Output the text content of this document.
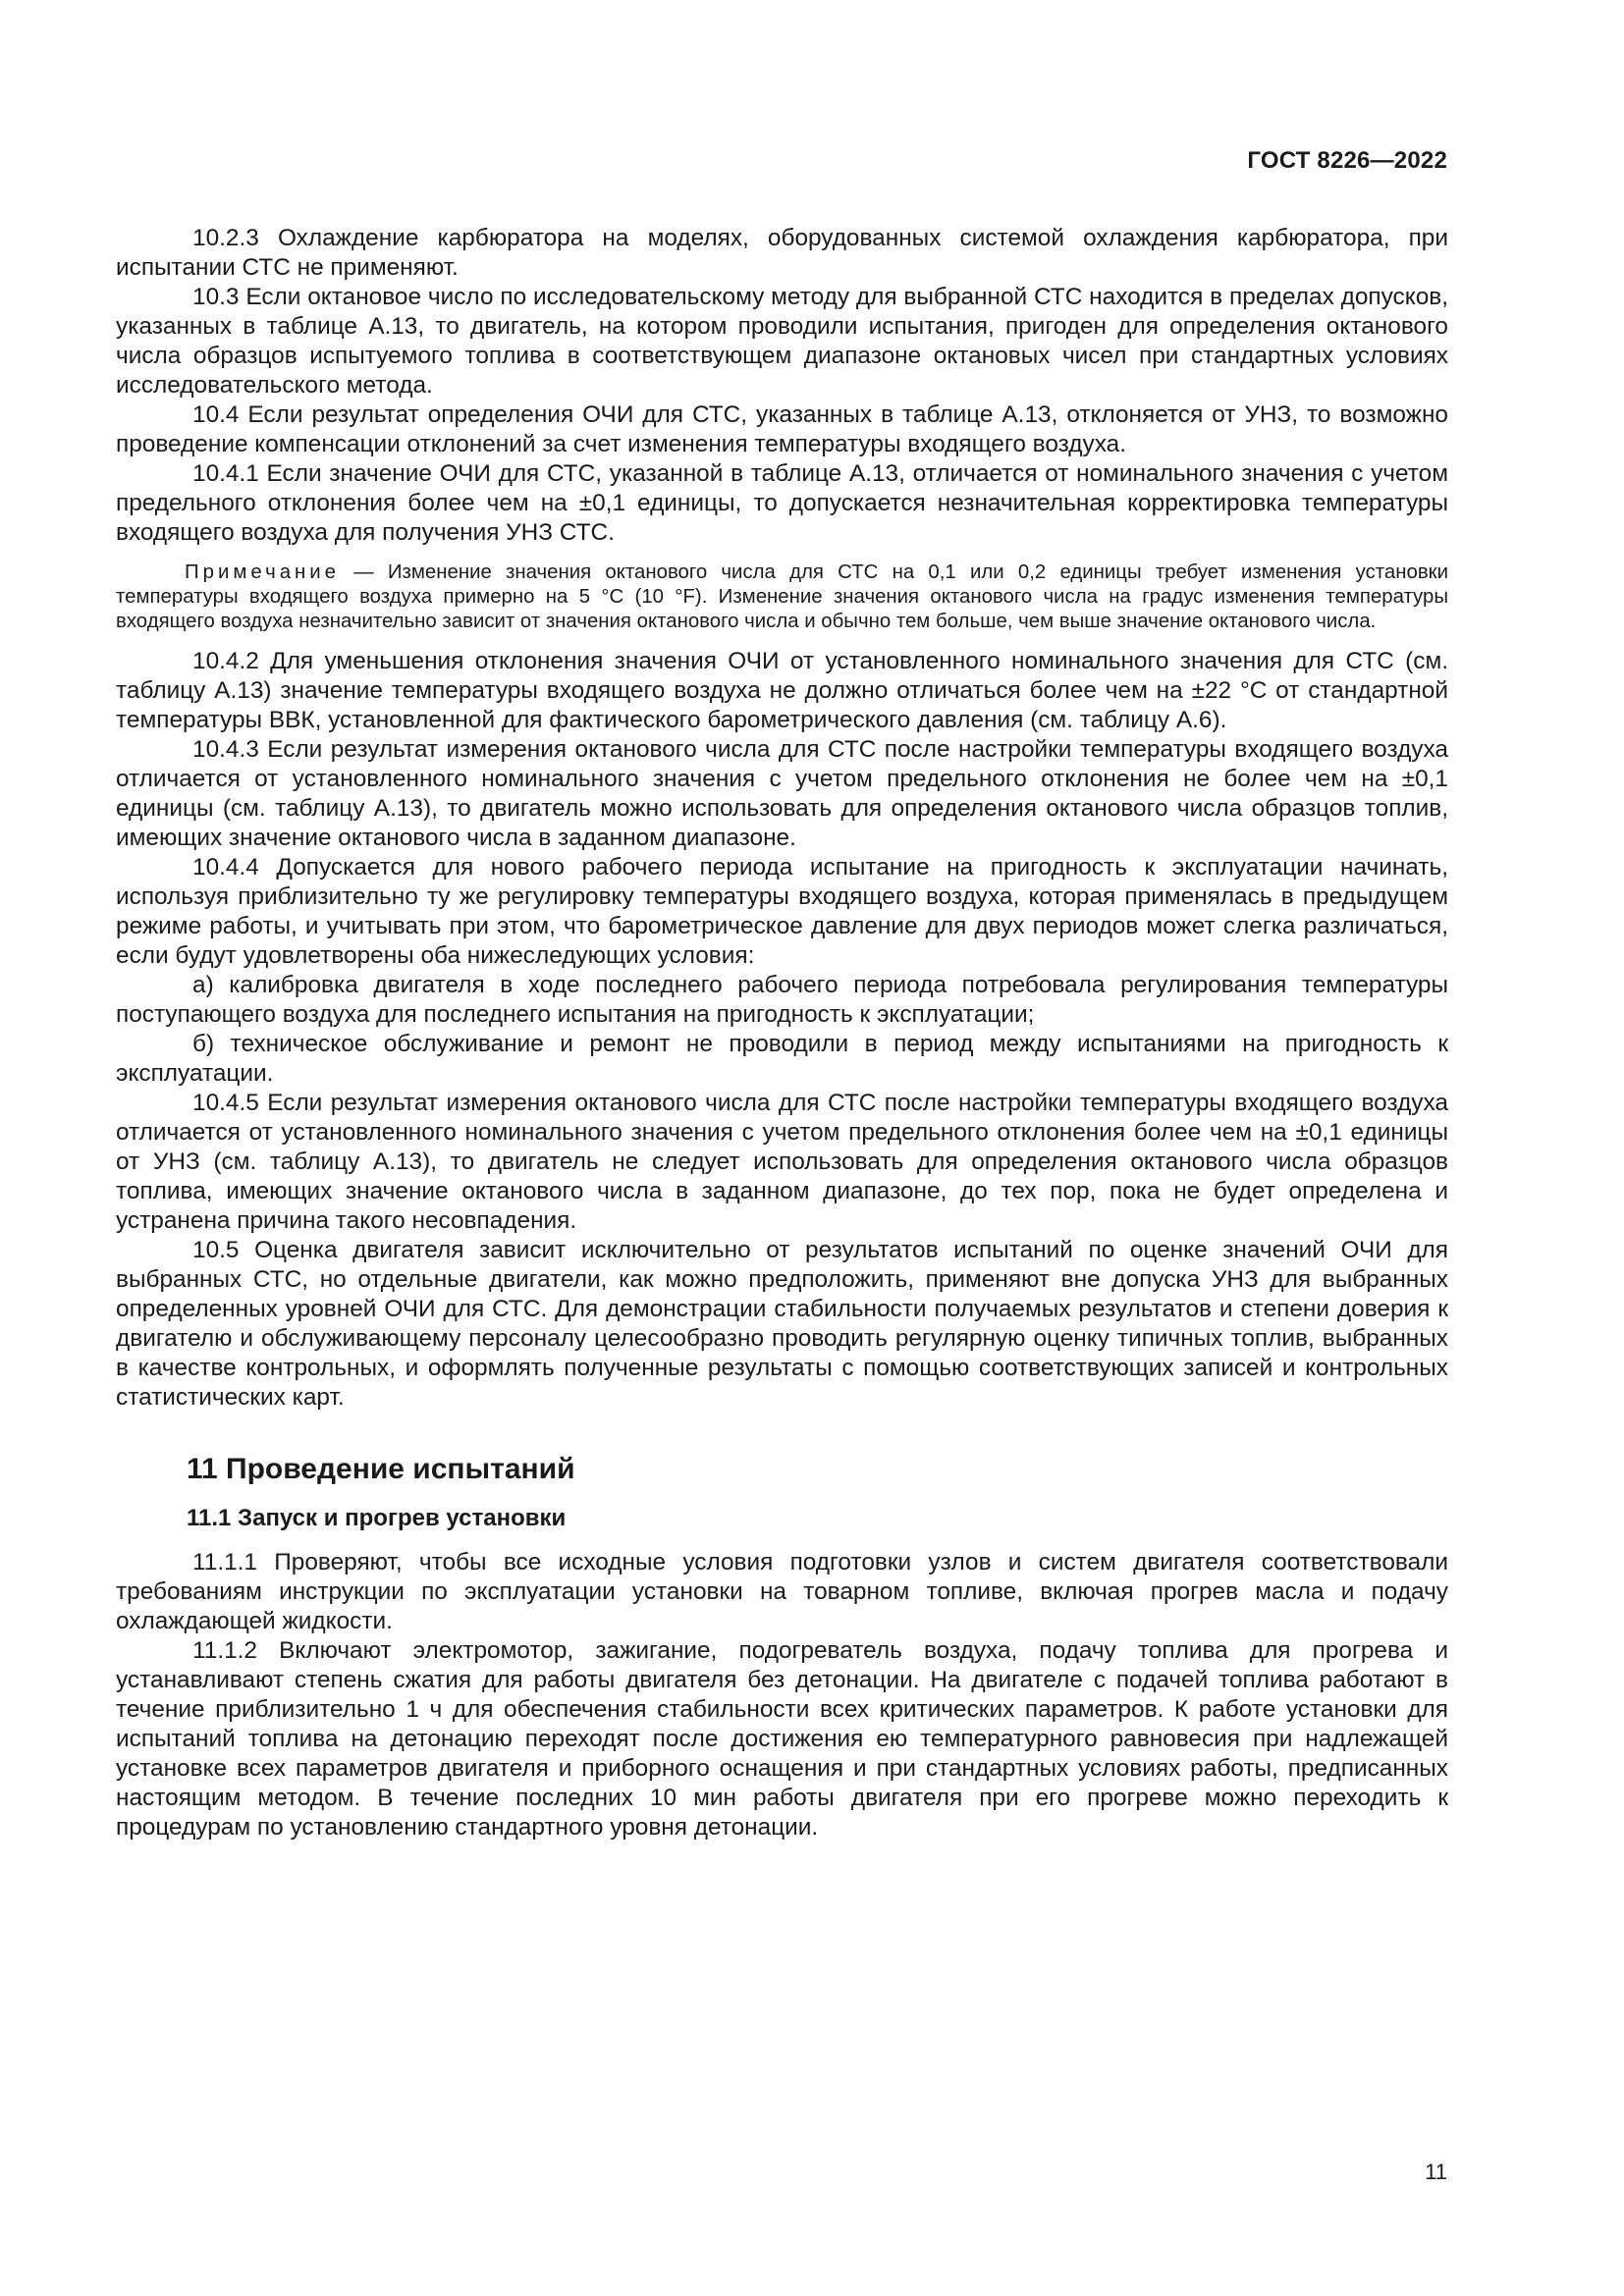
ГОСТ 8226—2022

10.2.3 Охлаждение карбюратора на моделях, оборудованных системой охлаждения карбюратора, при испытании СТС не применяют.

10.3 Если октановое число по исследовательскому методу для выбранной СТС находится в пределах допусков, указанных в таблице А.13, то двигатель, на котором проводили испытания, пригоден для определения октанового числа образцов испытуемого топлива в соответствующем диапазоне октановых чисел при стандартных условиях исследовательского метода.

10.4 Если результат определения ОЧИ для СТС, указанных в таблице А.13, отклоняется от УНЗ, то возможно проведение компенсации отклонений за счет изменения температуры входящего воздуха.

10.4.1 Если значение ОЧИ для СТС, указанной в таблице А.13, отличается от номинального значения с учетом предельного отклонения более чем на ±0,1 единицы, то допускается незначительная корректировка температуры входящего воздуха для получения УНЗ СТС.

Примечание — Изменение значения октанового числа для СТС на 0,1 или 0,2 единицы требует изменения установки температуры входящего воздуха примерно на 5 °С (10 °F). Изменение значения октанового числа на градус изменения температуры входящего воздуха незначительно зависит от значения октанового числа и обычно тем больше, чем выше значение октанового числа.

10.4.2 Для уменьшения отклонения значения ОЧИ от установленного номинального значения для СТС (см. таблицу А.13) значение температуры входящего воздуха не должно отличаться более чем на ±22 °С от стандартной температуры ВВК, установленной для фактического барометрического давления (см. таблицу А.6).

10.4.3 Если результат измерения октанового числа для СТС после настройки температуры входящего воздуха отличается от установленного номинального значения с учетом предельного отклонения не более чем на ±0,1 единицы (см. таблицу А.13), то двигатель можно использовать для определения октанового числа образцов топлив, имеющих значение октанового числа в заданном диапазоне.

10.4.4 Допускается для нового рабочего периода испытание на пригодность к эксплуатации начинать, используя приблизительно ту же регулировку температуры входящего воздуха, которая применялась в предыдущем режиме работы, и учитывать при этом, что барометрическое давление для двух периодов может слегка различаться, если будут удовлетворены оба нижеследующих условия:

а) калибровка двигателя в ходе последнего рабочего периода потребовала регулирования температуры поступающего воздуха для последнего испытания на пригодность к эксплуатации;

б) техническое обслуживание и ремонт не проводили в период между испытаниями на пригодность к эксплуатации.

10.4.5 Если результат измерения октанового числа для СТС после настройки температуры входящего воздуха отличается от установленного номинального значения с учетом предельного отклонения более чем на ±0,1 единицы от УНЗ (см. таблицу А.13), то двигатель не следует использовать для определения октанового числа образцов топлива, имеющих значение октанового числа в заданном диапазоне, до тех пор, пока не будет определена и устранена причина такого несовпадения.

10.5 Оценка двигателя зависит исключительно от результатов испытаний по оценке значений ОЧИ для выбранных СТС, но отдельные двигатели, как можно предположить, применяют вне допуска УНЗ для выбранных определенных уровней ОЧИ для СТС. Для демонстрации стабильности получаемых результатов и степени доверия к двигателю и обслуживающему персоналу целесообразно проводить регулярную оценку типичных топлив, выбранных в качестве контрольных, и оформлять полученные результаты с помощью соответствующих записей и контрольных статистических карт.

11 Проведение испытаний
11.1 Запуск и прогрев установки

11.1.1 Проверяют, чтобы все исходные условия подготовки узлов и систем двигателя соответствовали требованиям инструкции по эксплуатации установки на товарном топливе, включая прогрев масла и подачу охлаждающей жидкости.

11.1.2 Включают электромотор, зажигание, подогреватель воздуха, подачу топлива для прогрева и устанавливают степень сжатия для работы двигателя без детонации. На двигателе с подачей топлива работают в течение приблизительно 1 ч для обеспечения стабильности всех критических параметров. К работе установки для испытаний топлива на детонацию переходят после достижения ею температурного равновесия при надлежащей установке всех параметров двигателя и приборного оснащения и при стандартных условиях работы, предписанных настоящим методом. В течение последних 10 мин работы двигателя при его прогреве можно переходить к процедурам по установлению стандартного уровня детонации.

11
